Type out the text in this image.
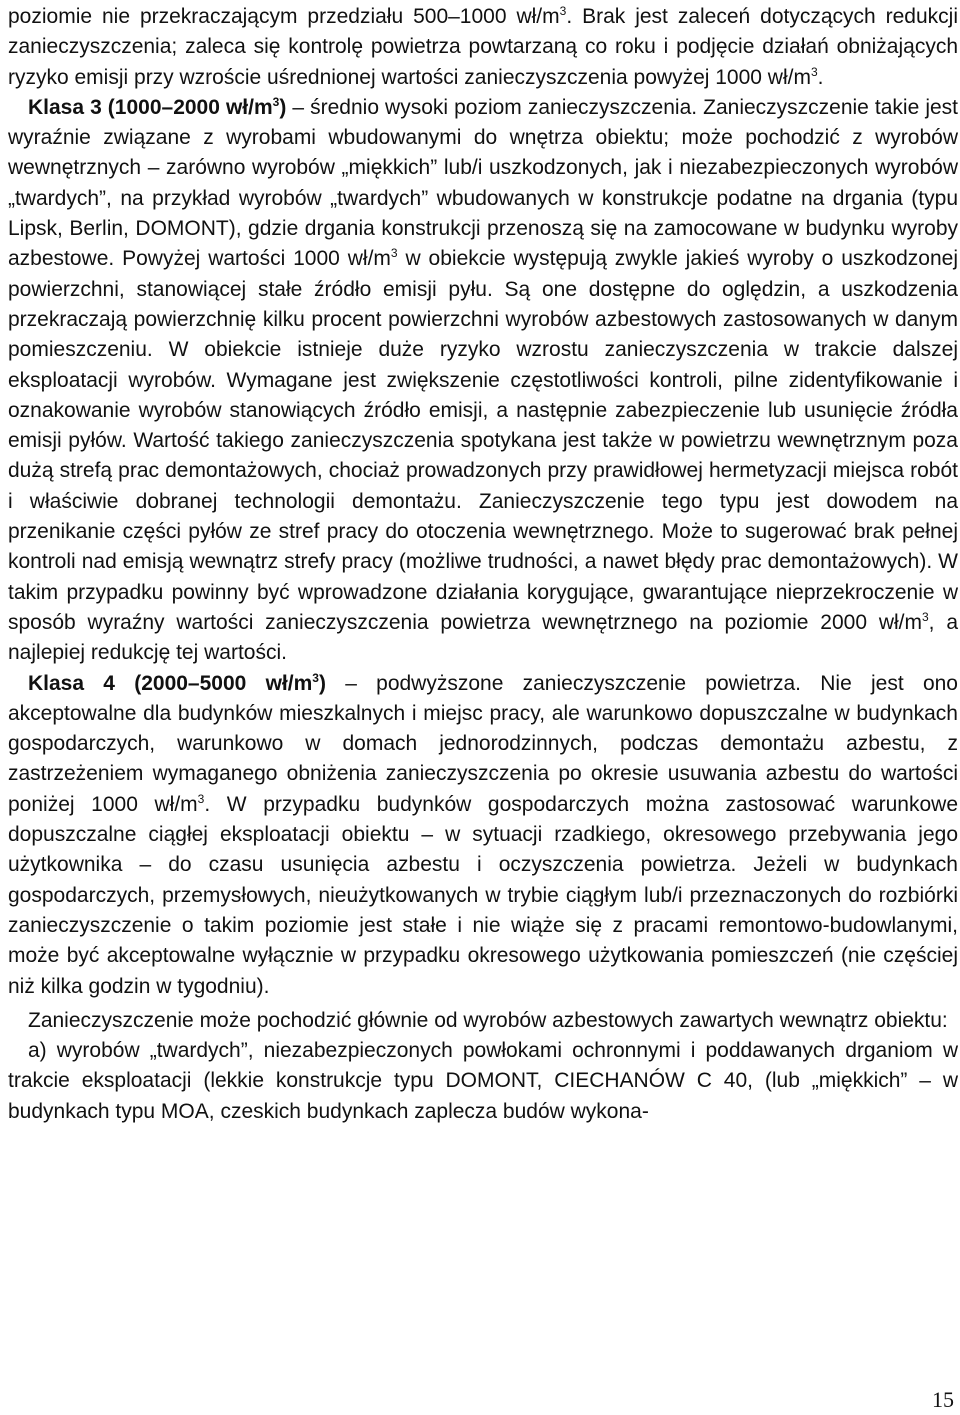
poziomie nie przekraczającym przedziału 500–1000 $wł/m^3$. Brak jest zaleceń dotyczących redukcji zanieczyszczenia; zaleca się kontrolę powietrza powtarzaną co roku i podjęcie działań obniżających ryzyko emisji przy wzroście uśrednionej wartości zanieczyszczenia powyżej 1000 $wł/m^3$.

Klasa 3 (1000–2000 $wł/m^3$) – średnio wysoki poziom zanieczyszczenia. Zanieczyszczenie takie jest wyraźnie związane z wyrobami wbudowanymi do wnętrza obiektu; może pochodzić z wyrobów wewnętrznych – zarówno wyrobów „miękkich” lub/i uszkodzonych, jak i niezabezpieczonych wyrobów „twardych”, na przykład wyrobów „twardych” wbudowanych w konstrukcje podatne na drgania (typu Lipsk, Berlin, DOMONT), gdzie drgania konstrukcji przenoszą się na zamocowane w budynku wyroby azbestowe. Powyżej wartości 1000 $wł/m^3$ w obiekcie występują zwykle jakieś wyroby o uszkodzonej powierzchni, stanowiącej stałe źródło emisji pyłu. Są one dostępne do oględzin, a uszkodzenia przekraczają powierzchnię kilku procent powierzchni wyrobów azbestowych zastosowanych w danym pomieszczeniu. W obiekcie istnieje duże ryzyko wzrostu zanieczyszczenia w trakcie dalszej eksploatacji wyrobów. Wymagane jest zwiększenie częstotliwości kontroli, pilne zidentyfikowanie i oznakowanie wyrobów stanowiących źródło emisji, a następnie zabezpieczenie lub usunięcie źródła emisji pyłów. Wartość takiego zanieczyszczenia spotykana jest także w powietrzu wewnętrznym poza dużą strefą prac demontażowych, chociaż prowadzonych przy prawidłowej hermetyzacji miejsca robót i właściwie dobranej technologii demontażu. Zanieczyszczenie tego typu jest dowodem na przenikanie części pyłów ze stref pracy do otoczenia wewnętrznego. Może to sugerować brak pełnej kontroli nad emisją wewnątrz strefy pracy (możliwe trudności, a nawet błędy prac demontażowych). W takim przypadku powinny być wprowadzone działania korygujące, gwarantujące nieprzekroczenie w sposób wyraźny wartości zanieczyszczenia powietrza wewnętrznego na poziomie 2000 $wł/m^3$, a najlepiej redukcję tej wartości.

Klasa 4 (2000–5000 $wł/m^3$) – podwyższone zanieczyszczenie powietrza. Nie jest ono akceptowalne dla budynków mieszkalnych i miejsc pracy, ale warunkowo dopuszczalne w budynkach gospodarczych, warunkowo w domach jednorodzinnych, podczas demontażu azbestu, z zastrzeżeniem wymaganego obniżenia zanieczyszczenia po okresie usuwania azbestu do wartości poniżej 1000 $wł/m^3$. W przypadku budynków gospodarczych można zastosować warunkowe dopuszczalne ciągłej eksploatacji obiektu – w sytuacji rzadkiego, okresowego przebywania jego użytkownika – do czasu usunięcia azbestu i oczyszczenia powietrza. Jeżeli w budynkach gospodarczych, przemysłowych, nieużytkowanych w trybie ciągłym lub/i przeznaczonych do rozbiórki zanieczyszczenie o takim poziomie jest stałe i nie wiąże się z pracami remontowo-budowlanymi, może być akceptowalne wyłącznie w przypadku okresowego użytkowania pomieszczeń (nie częściej niż kilka godzin w tygodniu).

Zanieczyszczenie może pochodzić głównie od wyrobów azbestowych zawartych wewnątrz obiektu:

a) wyrobów „twardych”, niezabezpieczonych powłokami ochronnymi i poddawanych drganiom w trakcie eksploatacji (lekkie konstrukcje typu DOMONT, CIECHANÓW C 40, (lub „miękkich” – w budynkach typu MOA, czeskich budynkach zaplecza budów wykona-

15
